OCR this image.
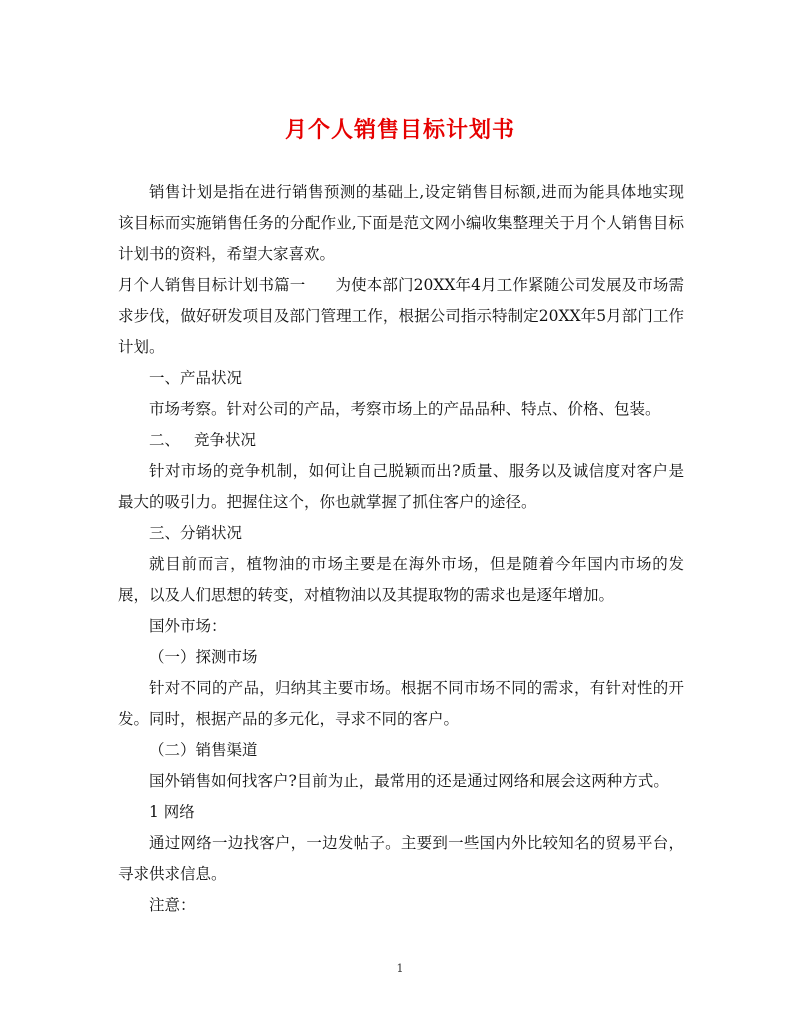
月个人销售目标计划书

销售计划是指在进行销售预测的基础上,设定销售目标额,进而为能具体地实现该目标而实施销售任务的分配作业,下面是范文网小编收集整理关于月个人销售目标计划书的资料，希望大家喜欢。

月个人销售目标计划书篇一 为使本部门20XX年4月工作紧随公司发展及市场需求步伐，做好研发项目及部门管理工作，根据公司指示特制定20XX年5月部门工作计划。

一、产品状况

市场考察。针对公司的产品，考察市场上的产品品种、特点、价格、包装。

二、 竞争状况

针对市场的竞争机制，如何让自己脱颖而出?质量、服务以及诚信度对客户是最大的吸引力。把握住这个，你也就掌握了抓住客户的途径。

三、分销状况

就目前而言，植物油的市场主要是在海外市场，但是随着今年国内市场的发展，以及人们思想的转变，对植物油以及其提取物的需求也是逐年增加。

国外市场：

（一）探测市场

针对不同的产品，归纳其主要市场。根据不同市场不同的需求，有针对性的开发。同时，根据产品的多元化，寻求不同的客户。

（二）销售渠道

国外销售如何找客户?目前为止，最常用的还是通过网络和展会这两种方式。

1 网络

通过网络一边找客户，一边发帖子。主要到一些国内外比较知名的贸易平台，寻求供求信息。

注意：

1
